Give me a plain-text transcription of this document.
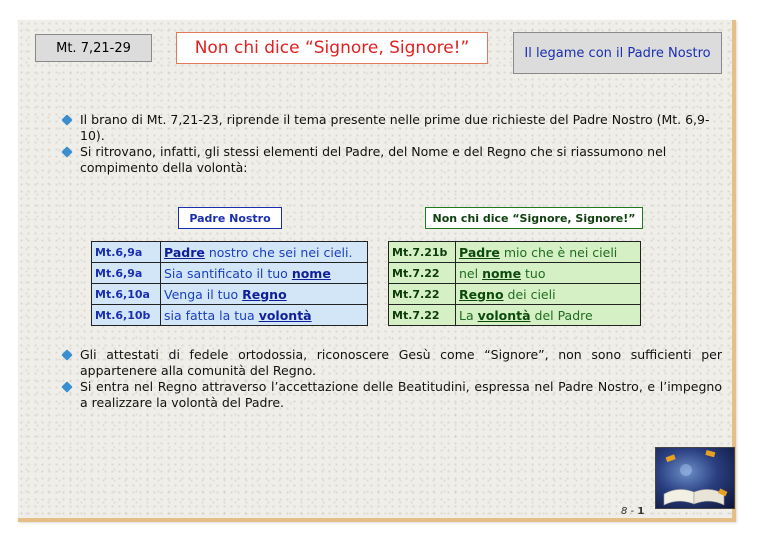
Mt. 7,21-29	Non chi dice “Signore, Signore!”	Il legame con il Padre Nostro
Il brano di Mt. 7,21-23, riprende il tema presente nelle prime due richieste del Padre Nostro (Mt. 6,9-10).
Si ritrovano, infatti, gli stessi elementi del Padre, del Nome e del Regno che si riassumono nel compimento della volontà:
Padre Nostro	Non chi dice “Signore, Signore!”
Mt.6,9a	Padre nostro che sei nei cieli.
Mt.6,9a	Sia santificato il tuo nome
Mt.6,10a	Venga il tuo Regno
Mt.6,10b	sia fatta la tua volontà
Mt.7.21b	Padre mio che è nei cieli
Mt.7.22	nel nome tuo
Mt.7.22	Regno dei cieli
Mt.7.22	La volontà del Padre
Gli attestati di fedele ortodossia, riconoscere Gesù come “Signore”, non sono sufficienti per appartenere alla comunità del Regno.
Si entra nel Regno attraverso l’accettazione delle Beatitudini, espressa nel Padre Nostro, e l’impegno a realizzare la volontà del Padre.
8 - 1
